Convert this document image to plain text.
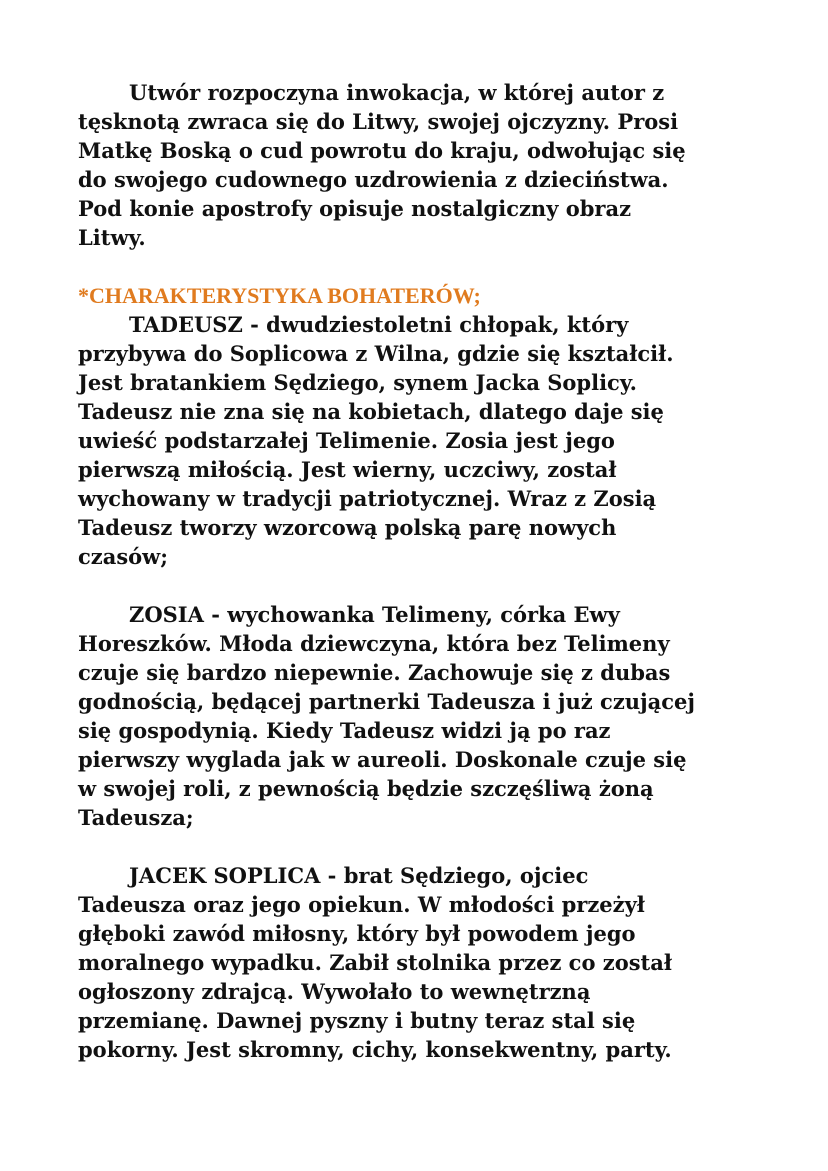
Utwór rozpoczyna inwokacja, w której autor z
tęsknotą zwraca się do Litwy, swojej ojczyzny. Prosi
Matkę Boską o cud powrotu do kraju, odwołując się
do swojego cudownego uzdrowienia z dzieciństwa.
Pod konie apostrofy opisuje nostalgiczny obraz
Litwy.

*CHARAKTERYSTYKA BOHATERÓW;

TADEUSZ - dwudziestoletni chłopak, który
przybywa do Soplicowa z Wilna, gdzie się kształcił.
Jest bratankiem Sędziego, synem Jacka Soplicy.
Tadeusz nie zna się na kobietach, dlatego daje się
uwieść podstarzałej Telimenie. Zosia jest jego
pierwszą miłością. Jest wierny, uczciwy, został
wychowany w tradycji patriotycznej. Wraz z Zosią
Tadeusz tworzy wzorcową polską parę nowych
czasów;

ZOSIA - wychowanka Telimeny, córka Ewy
Horeszków. Młoda dziewczyna, która bez Telimeny
czuje się bardzo niepewnie. Zachowuje się z dubas
godnością, będącej partnerki Tadeusza i już czującej
się gospodynią. Kiedy Tadeusz widzi ją po raz
pierwszy wyglada jak w aureoli. Doskonale czuje się
w swojej roli, z pewnością będzie szczęśliwą żoną
Tadeusza;

JACEK SOPLICA - brat Sędziego, ojciec
Tadeusza oraz jego opiekun. W młodości przeżył
głęboki zawód miłosny, który był powodem jego
moralnego wypadku. Zabił stolnika przez co został
ogłoszony zdrajcą. Wywołało to wewnętrzną
przemianę. Dawnej pyszny i butny teraz stal się
pokorny. Jest skromny, cichy, konsekwentny, party.
